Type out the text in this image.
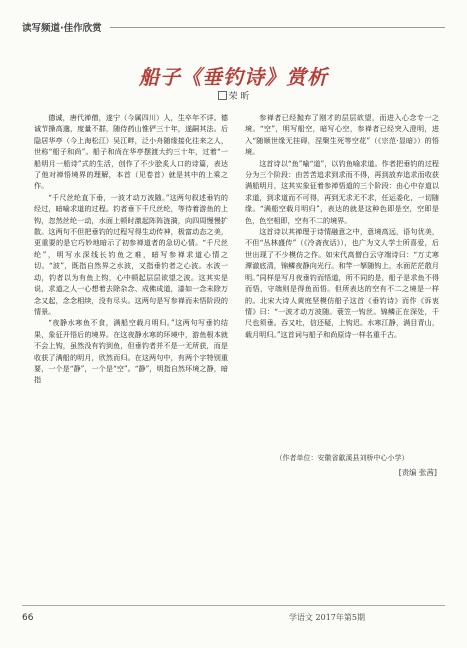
读写频道·佳作欣赏
船子《垂钓诗》赏析
荣 昕

德诚，唐代禅僧，遂宁（今属四川）人，生卒年不详。德诚节操高邈，度量不群，随侍药山惟俨三十年，遂嗣其法。后隐居华亭（今上海松江）吴江畔，泛小舟随缘接化往来之人，世称“船子和尚”。船子和尚在华亭摆渡大约三十年，过着“一船明月一船诗”式的生活，创作了不少脍炙人口的诗篇，表达了他对禅悟境界的理解，本首（见卷首）就是其中的上乘之作。

“千尺丝纶直下垂，一波才动万波随。”这两句叙述垂钓的经过，暗喻求道的过程。钓者垂下千尺丝纶，等待着游鱼的上钩，忽然丝纶一动，水面上顿时激起阵阵涟漪，向四周慢慢扩散。这两句不但把垂钓的过程写得生动传神，极富动态之美，更重要的是它巧妙地暗示了初参禅道者的急切心情。“千尺丝纶”，明写水深线长钓鱼之难，暗写参禅求道心情之切。“波”，既指自然界之水波，又指垂钓者之心波。水波一动，钓者以为有鱼上钩，心中顿起层层欲望之波。这其实是说，求道之人一心想着去除杂念、成佛成道，漆如一念未除万念又起，念念相续，没有尽头。这两句是写参禅而未悟阶段的情景。

“夜静水寒鱼不食，满船空载月明归。”这两句写垂钓结果，象征开悟后的境界。在这夜静水寒的环境中，游鱼根本就不会上钩，虽然没有钓到鱼，但垂钓者并不是一无所获，而是收获了满船的明月，欣然而归。在这两句中，有两个字特别重要，一个是“静”，一个是“空”。“静”，明指自然环境之静，暗指

参禅者已经抛弃了刚才的层层欲望，而进入心念专一之境。“空”，明写船空，暗写心空，参禅者已经突入澄明，进入“随顺世缘无挂碍，涅槃生死等空花”（《宗范·显暗》）的悟境。

这首诗以“鱼”喻“道”，以钓鱼喻求道。作者把垂钓的过程分为三个阶段：由苦苦追求到求而不得，再到放弃追求而收获满船明月，这其实象征着参禅悟道的三个阶段：由心中存道以求道，到求道而不可得，再到无求无不求，任运委化，一切随缘。“满船空载月明归”，表达的就是这种色即是空，空即是色，色空相即，空有不二的境界。

这首诗以其禅理于诗情融意之中，意境高远，语句优美，不但“丛林盛传”（《冷斋夜话》），也广为文人学士所喜爱，后世出现了不少模仿之作。如宋代高僧白云守端诗曰：“万丈寒潭澈底清，锦鳞夜静向光行。和竿一拏随钩上，水面茫茫散月明。”同样是写月夜垂钓而悟道，所不同的是，船子是求鱼不得而悟，守端则是得鱼而悟。但所表达的空有不二之境是一样的。北宋大诗人黄庭坚模仿船子这首《垂钓诗》而作《诉衷情》曰：“一波才动万波随。蓑笠一钩丝。锦鳞正在深处，千尺也须垂。吞又吐，信还疑，上钩迟。水寒江静，满目青山，载月明归。”这首词与船子和尚原诗一样名重千古。

（作者单位：安徽省歙溪县刘桥中心小学）
[责编 张茜]
66	学语文 2017年第5期
